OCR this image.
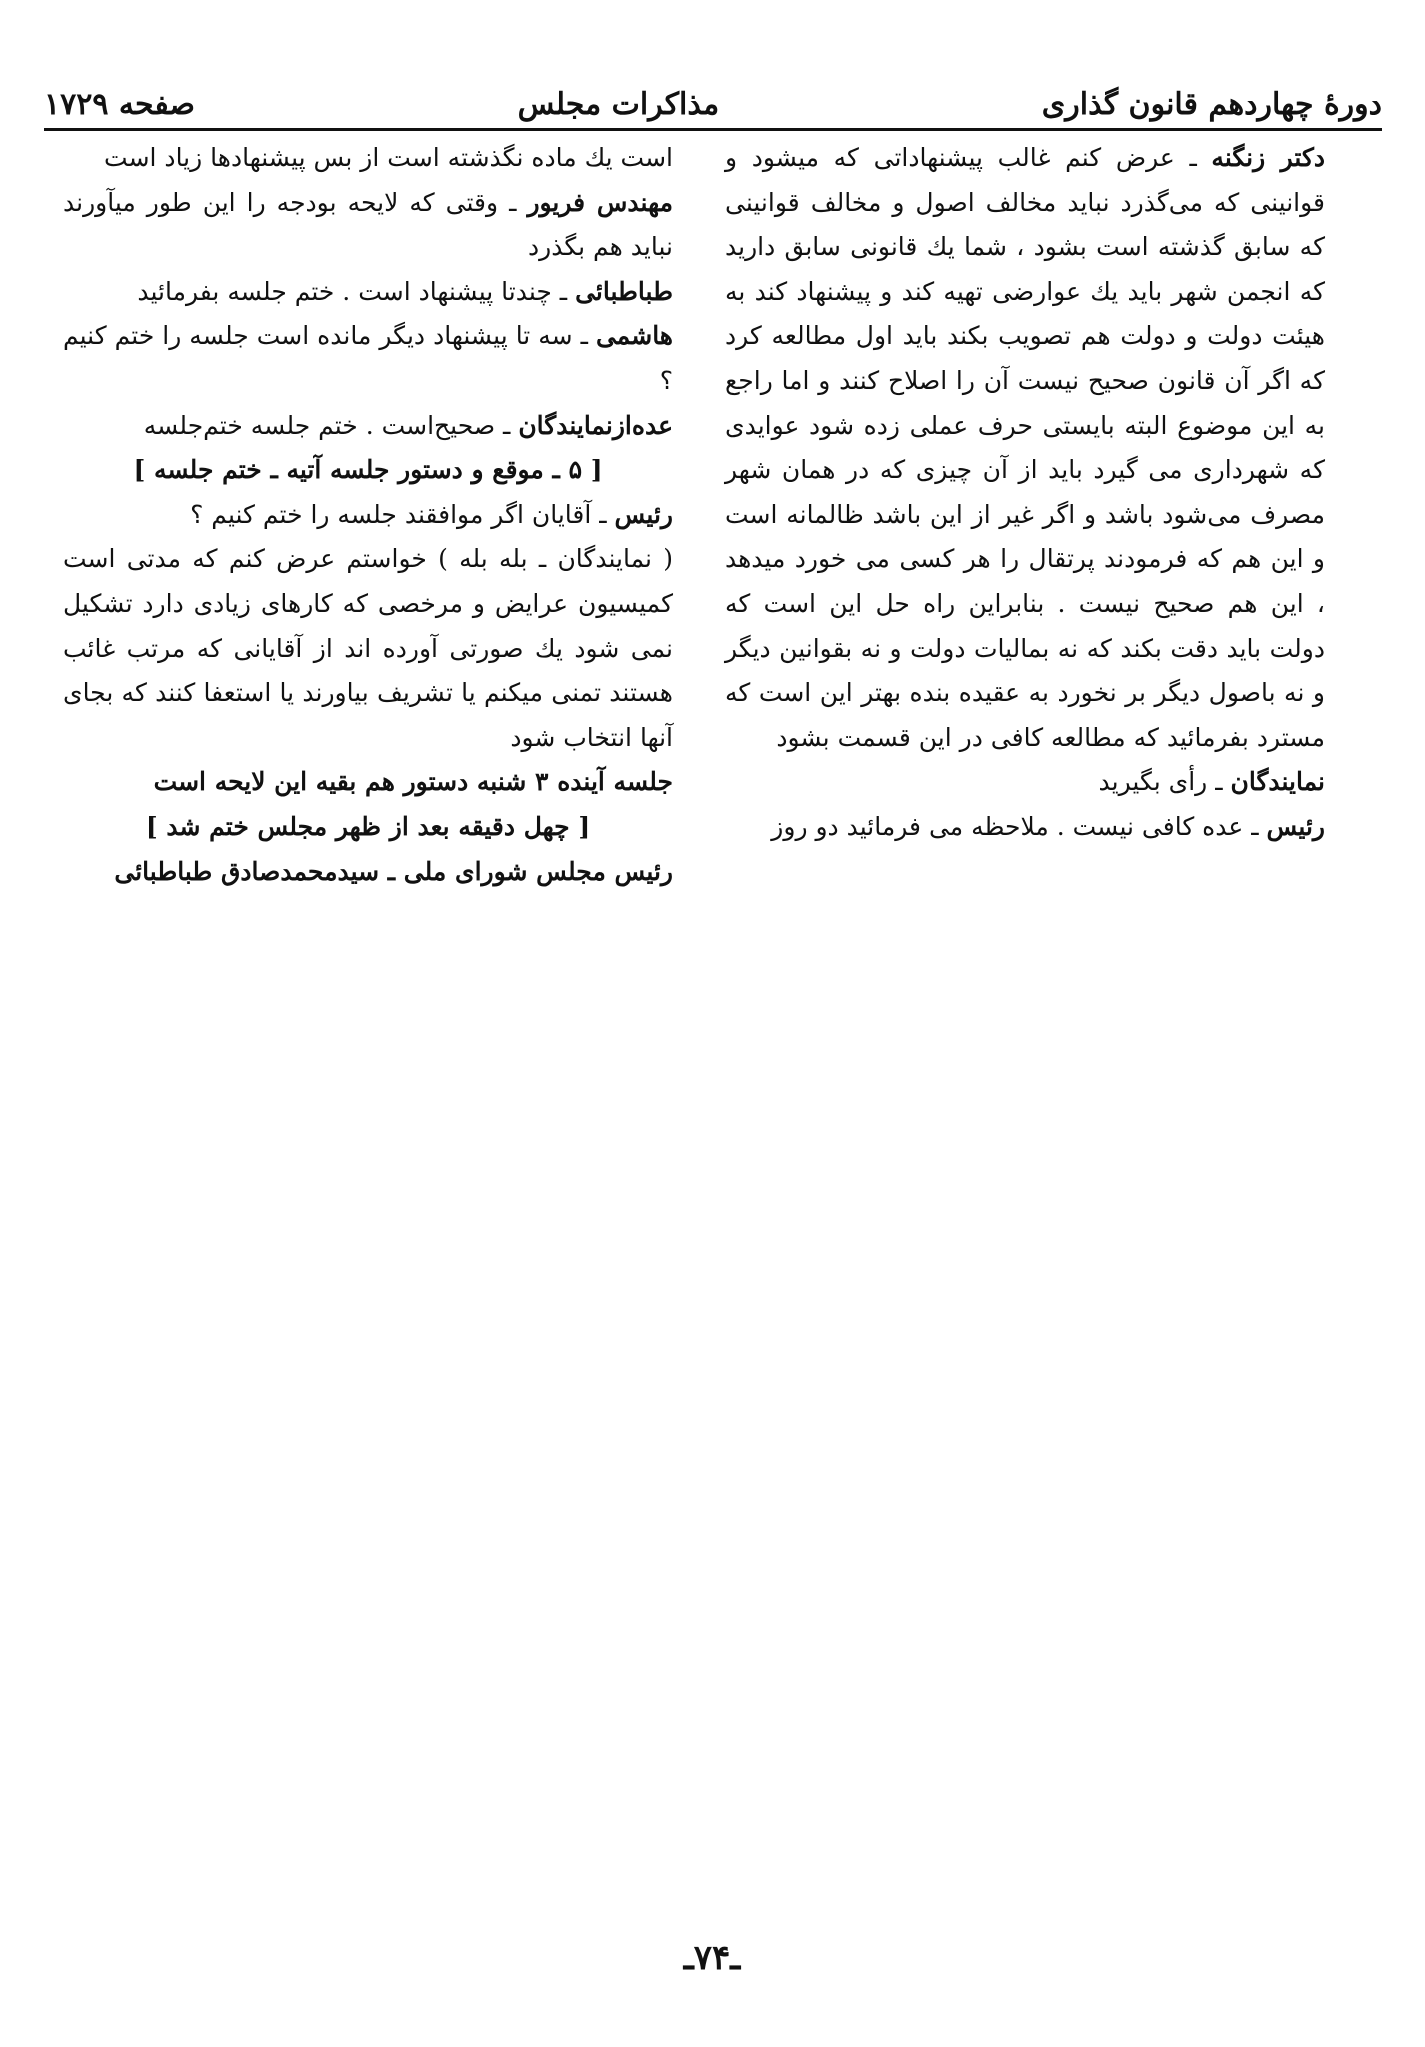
دورۀ چهاردهم قانون گذاری
مذاکرات مجلس
صفحه ۱۷۲۹

دکتر زنگنه ـ عرض کنم غالب پیشنهاداتی که میشود و قوانینی که می‌گذرد نباید مخالف اصول و مخالف قوانینی که سابق گذشته است بشود ، شما یك قانونی سابق دارید که انجمن شهر باید یك عوارضی تهیه کند و پیشنهاد کند به هیئت دولت و دولت هم تصویب بکند باید اول مطالعه کرد که اگر آن قانون صحیح نیست آن را اصلاح کنند و اما راجع به این موضوع البته بایستی حرف عملی زده شود عوایدی که شهرداری می گیرد باید از آن چیزی که در همان شهر مصرف می‌شود باشد و اگر غیر از این باشد ظالمانه است و این هم که فرمودند پرتقال را هر کسی می خورد میدهد ، این هم صحیح نیست . بنابراین راه حل این است که دولت باید دقت بکند که نه بمالیات دولت و نه بقوانین دیگر و نه باصول دیگر بر نخورد به عقیده بنده بهتر این است که مسترد بفرمائید که مطالعه کافی در این قسمت بشود

نمایندگان ـ رأی بگیرید

رئیس ـ عده کافی نیست . ملاحظه می فرمائید دو روز

است یك ماده نگذشته است از بس پیشنهادها زیاد است

مهندس فریور ـ وقتی که لایحه بودجه را این طور میآورند نباید هم بگذرد

طباطبائی ـ چندتا پیشنهاد است . ختم جلسه بفرمائید

هاشمی ـ سه تا پیشنهاد دیگر مانده است جلسه را ختم کنیم ؟

عده‌ازنمایندگان ـ صحیح‌است . ختم جلسه ختم‌جلسه

[ ۵ ـ موقع و دستور جلسه آتیه ـ ختم جلسه ]

رئیس ـ آقایان اگر موافقند جلسه را ختم کنیم ؟

( نمایندگان ـ بله بله ) خواستم عرض کنم که مدتی است کمیسیون عرایض و مرخصی که کارهای زیادی دارد تشکیل نمی شود یك صورتی آورده اند از آقایانی که مرتب غائب هستند تمنی میکنم یا تشریف بیاورند یا استعفا کنند که بجای آنها انتخاب شود

جلسه آینده ۳ شنبه دستور هم بقیه این لایحه است

[ چهل دقیقه بعد از ظهر مجلس ختم شد ]

رئیس مجلس شورای ملی ـ سیدمحمدصادق طباطبائی

ـ۷۴ـ
